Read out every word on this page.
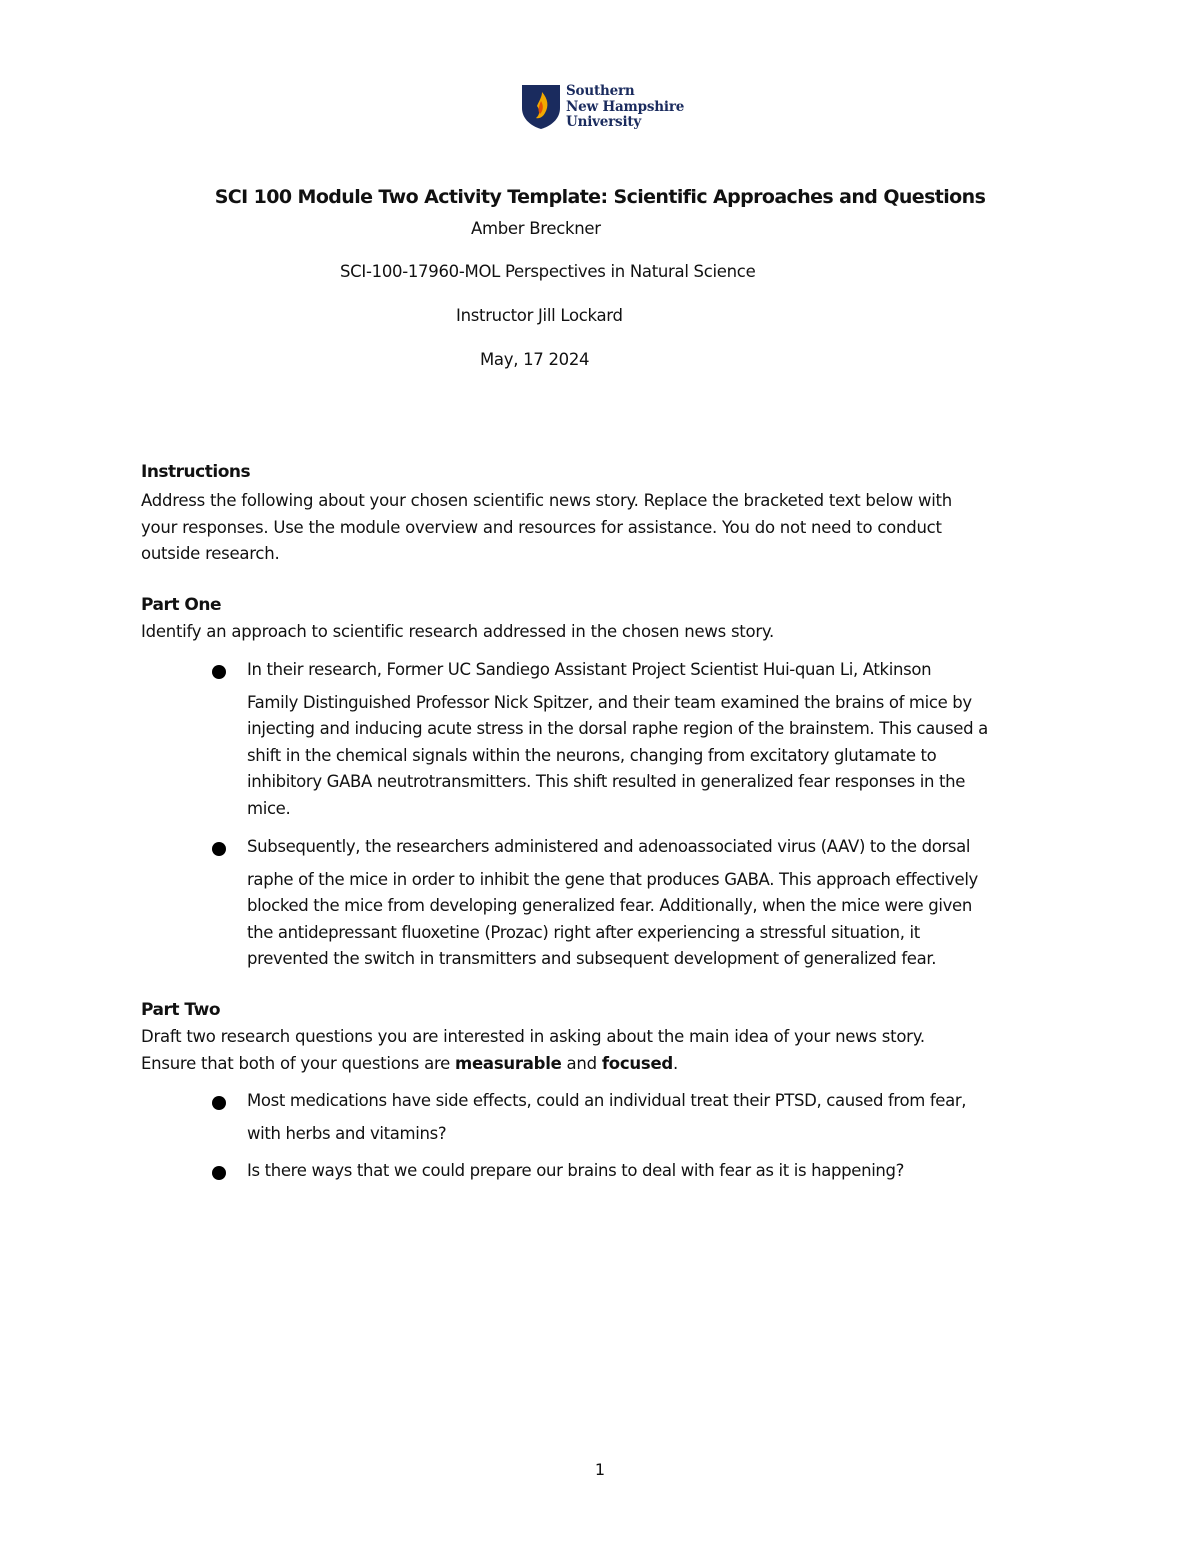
Southern
New Hampshire
University
SCI 100 Module Two Activity Template: Scientific Approaches and Questions
Amber Breckner
SCI-100-17960-MOL Perspectives in Natural Science
Instructor Jill Lockard
May, 17 2024
Instructions
Address the following about your chosen scientific news story. Replace the bracketed text below with
your responses. Use the module overview and resources for assistance. You do not need to conduct
outside research.
Part One
Identify an approach to scientific research addressed in the chosen news story.
In their research, Former UC Sandiego Assistant Project Scientist Hui-quan Li, Atkinson
Family Distinguished Professor Nick Spitzer, and their team examined the brains of mice by
injecting and inducing acute stress in the dorsal raphe region of the brainstem. This caused a
shift in the chemical signals within the neurons, changing from excitatory glutamate to
inhibitory GABA neutrotransmitters. This shift resulted in generalized fear responses in the
mice.
Subsequently, the researchers administered and adenoassociated virus (AAV) to the dorsal
raphe of the mice in order to inhibit the gene that produces GABA. This approach effectively
blocked the mice from developing generalized fear. Additionally, when the mice were given
the antidepressant fluoxetine (Prozac) right after experiencing a stressful situation, it
prevented the switch in transmitters and subsequent development of generalized fear.
Part Two
Draft two research questions you are interested in asking about the main idea of your news story.
Ensure that both of your questions are measurable and focused.
Most medications have side effects, could an individual treat their PTSD, caused from fear,
with herbs and vitamins?
Is there ways that we could prepare our brains to deal with fear as it is happening?
1
